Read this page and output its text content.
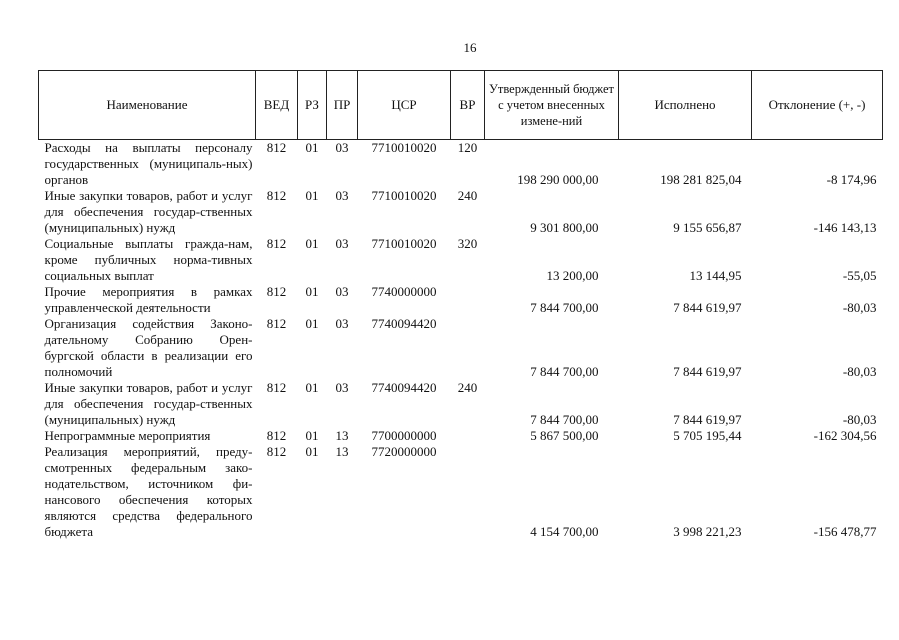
16
Наименование	ВЕД	РЗ	ПР	ЦСР	ВР	Утвержденный бюджет с учетом внесенных измене-ний	Исполнено	Отклонение (+, -)
Расходы на выплаты персоналу государственных (муниципаль-ных) органов	812	01	03	7710010020	120	198 290 000,00	198 281 825,04	-8 174,96
Иные закупки товаров, работ и услуг для обеспечения государ-ственных (муниципальных) нужд	812	01	03	7710010020	240	9 301 800,00	9 155 656,87	-146 143,13
Социальные выплаты гражда-нам, кроме публичных норма-тивных социальных выплат	812	01	03	7710010020	320	13 200,00	13 144,95	-55,05
Прочие мероприятия в рамках управленческой деятельности	812	01	03	7740000000		7 844 700,00	7 844 619,97	-80,03
Организация содействия Законо-дательному Собранию Орен-бургской области в реализации его полномочий	812	01	03	7740094420		7 844 700,00	7 844 619,97	-80,03
Иные закупки товаров, работ и услуг для обеспечения государ-ственных (муниципальных) нужд	812	01	03	7740094420	240	7 844 700,00	7 844 619,97	-80,03
Непрограммные мероприятия	812	01	13	7700000000		5 867 500,00	5 705 195,44	-162 304,56
Реализация мероприятий, преду-смотренных федеральным зако-нодательством, источником фи-нансового обеспечения которых являются средства федерального бюджета	812	01	13	7720000000		4 154 700,00	3 998 221,23	-156 478,77
